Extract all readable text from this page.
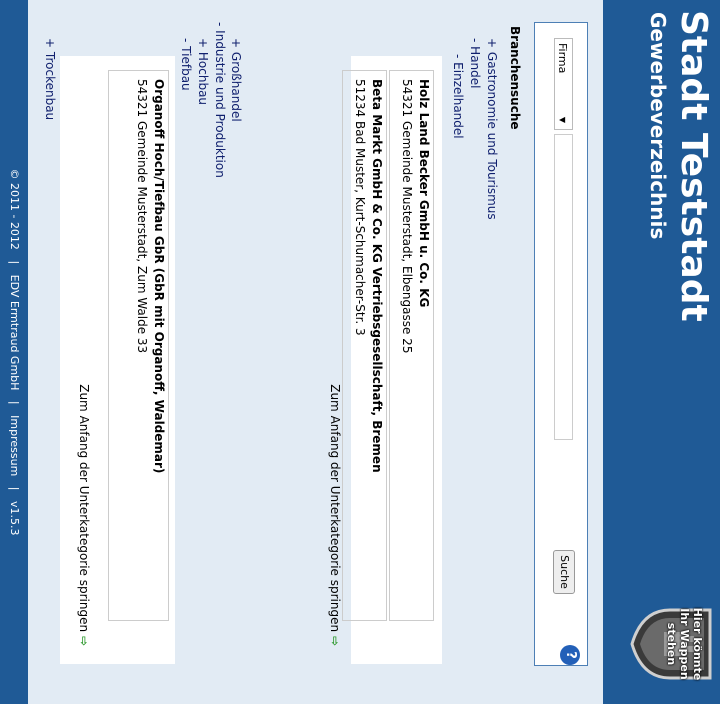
Stadt Teststadt
Gewerbeverzeichnis
Hier könnte Ihr Wappen stehen
Firma
▼
Suche
?
Branchensuche
+ Gastronomie und Tourismus
- Handel
- Einzelhandel
Holz Land Becker GmbH u. Co. KG
54321 Gemeinde Musterstadt, Elbengasse 25
Beta Markt GmbH & Co. KG Vertriebsgesellschaft, Bremen
51234 Bad Muster, Kurt-Schumacher-Str. 3
Zum Anfang der Unterkategorie springen ⇨
+ Großhandel
- Industrie und Produktion
+ Hochbau
- Tiefbau
Organoff Hoch/Tiefbau GbR (GbR mit Organoff, Waldemar)
54321 Gemeinde Musterstadt, Zum Walde 33
Zum Anfang der Unterkategorie springen ⇨
+ Trockenbau
© 2011 - 2012   |   EDV Ermtraud GmbH   |   Impressum   |   v1.5.3
